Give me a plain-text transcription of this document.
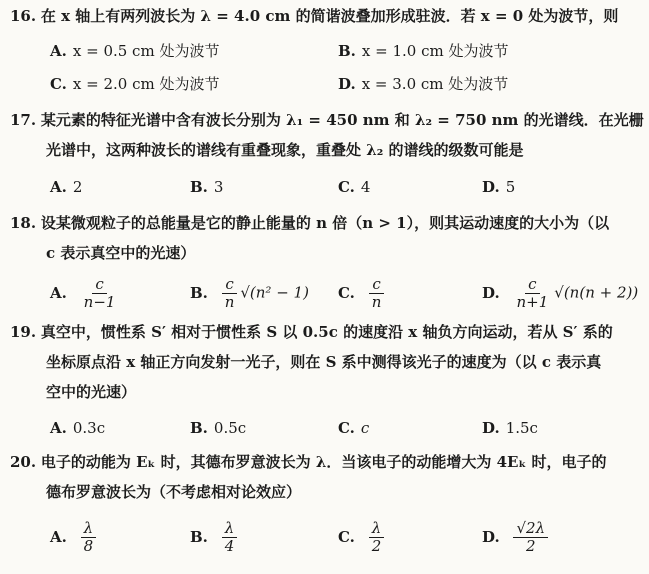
16. 在 x 轴上有两列波长为 λ = 4.0 cm 的简谐波叠加形成驻波．若 x = 0 处为波节，则
A. x = 0.5 cm 处为波节	B. x = 1.0 cm 处为波节
C. x = 2.0 cm 处为波节	D. x = 3.0 cm 处为波节
17. 某元素的特征光谱中含有波长分别为 λ₁ = 450 nm 和 λ₂ = 750 nm 的光谱线．在光栅
光谱中，这两种波长的谱线有重叠现象，重叠处 λ₂ 的谱线的级数可能是
A. 2	B. 3	C. 4	D. 5
18. 设某微观粒子的总能量是它的静止能量的 n 倍（n > 1），则其运动速度的大小为（以
c 表示真空中的光速）
A. $\frac{c}{n-1}$	B. $\frac{c}{n} √(n^2 - 1)$ C. $\frac{c}{n}$	D. $\frac{c}{n+1} √(n(n + 2))$
19. 真空中，惯性系 S′ 相对于惯性系 S 以 0.5c 的速度沿 x 轴负方向运动，若从 S′ 系的
坐标原点沿 x 轴正方向发射一光子，则在 S 系中测得该光子的速度为（以 c 表示真
空中的光速）
A. 0.3c	B. 0.5c	C. c	D. 1.5c
20. 电子的动能为 Eₖ 时，其德布罗意波长为 λ．当该电子的动能增大为 4Eₖ 时，电子的
德布罗意波长为（不考虑相对论效应）
A. $\frac{\lambda}{8}$	B. $\frac{\lambda}{4}$	C. $\frac{\lambda}{2}$	D. $\frac{√2\lambda}{2}$
